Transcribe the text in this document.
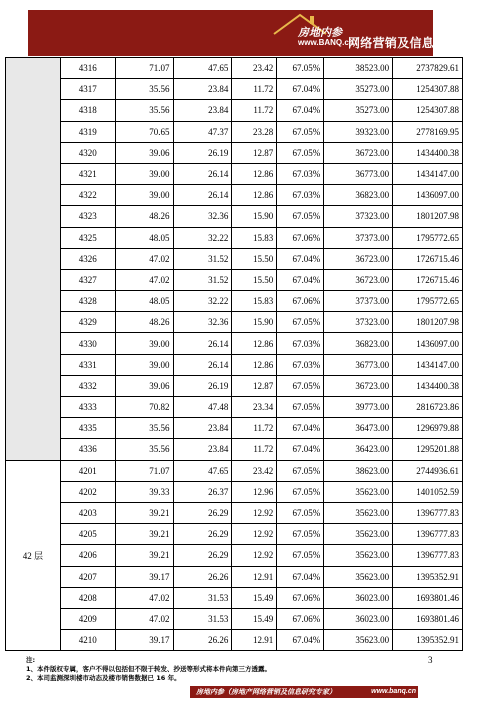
房地内参
www.BANQ.cn
网络营销及信息研究专家
	4316	71.07	47.65	23.42	67.05%	38523.00	2737829.61
	4317	35.56	23.84	11.72	67.04%	35273.00	1254307.88
	4318	35.56	23.84	11.72	67.04%	35273.00	1254307.88
	4319	70.65	47.37	23.28	67.05%	39323.00	2778169.95
	4320	39.06	26.19	12.87	67.05%	36723.00	1434400.38
	4321	39.00	26.14	12.86	67.03%	36773.00	1434147.00
	4322	39.00	26.14	12.86	67.03%	36823.00	1436097.00
	4323	48.26	32.36	15.90	67.05%	37323.00	1801207.98
	4325	48.05	32.22	15.83	67.06%	37373.00	1795772.65
	4326	47.02	31.52	15.50	67.04%	36723.00	1726715.46
	4327	47.02	31.52	15.50	67.04%	36723.00	1726715.46
	4328	48.05	32.22	15.83	67.06%	37373.00	1795772.65
	4329	48.26	32.36	15.90	67.05%	37323.00	1801207.98
	4330	39.00	26.14	12.86	67.03%	36823.00	1436097.00
	4331	39.00	26.14	12.86	67.03%	36773.00	1434147.00
	4332	39.06	26.19	12.87	67.05%	36723.00	1434400.38
	4333	70.82	47.48	23.34	67.05%	39773.00	2816723.86
	4335	35.56	23.84	11.72	67.04%	36473.00	1296979.88
	4336	35.56	23.84	11.72	67.04%	36423.00	1295201.88
42 层	4201	71.07	47.65	23.42	67.05%	38623.00	2744936.61
	4202	39.33	26.37	12.96	67.05%	35623.00	1401052.59
	4203	39.21	26.29	12.92	67.05%	35623.00	1396777.83
	4205	39.21	26.29	12.92	67.05%	35623.00	1396777.83
	4206	39.21	26.29	12.92	67.05%	35623.00	1396777.83
	4207	39.17	26.26	12.91	67.04%	35623.00	1395352.91
	4208	47.02	31.53	15.49	67.06%	36023.00	1693801.46
	4209	47.02	31.53	15.49	67.06%	36023.00	1693801.46
	4210	39.17	26.26	12.91	67.04%	35623.00	1395352.91
注:
1、本件版权专属，客户不得以包括但不限于转发、抄送等形式将本件向第三方透露。
2、本司监测深圳楼市动态及楼市销售数据已 16 年。
房地内参（房地产网络营销及信息研究专家）	www.banq.cn
3
